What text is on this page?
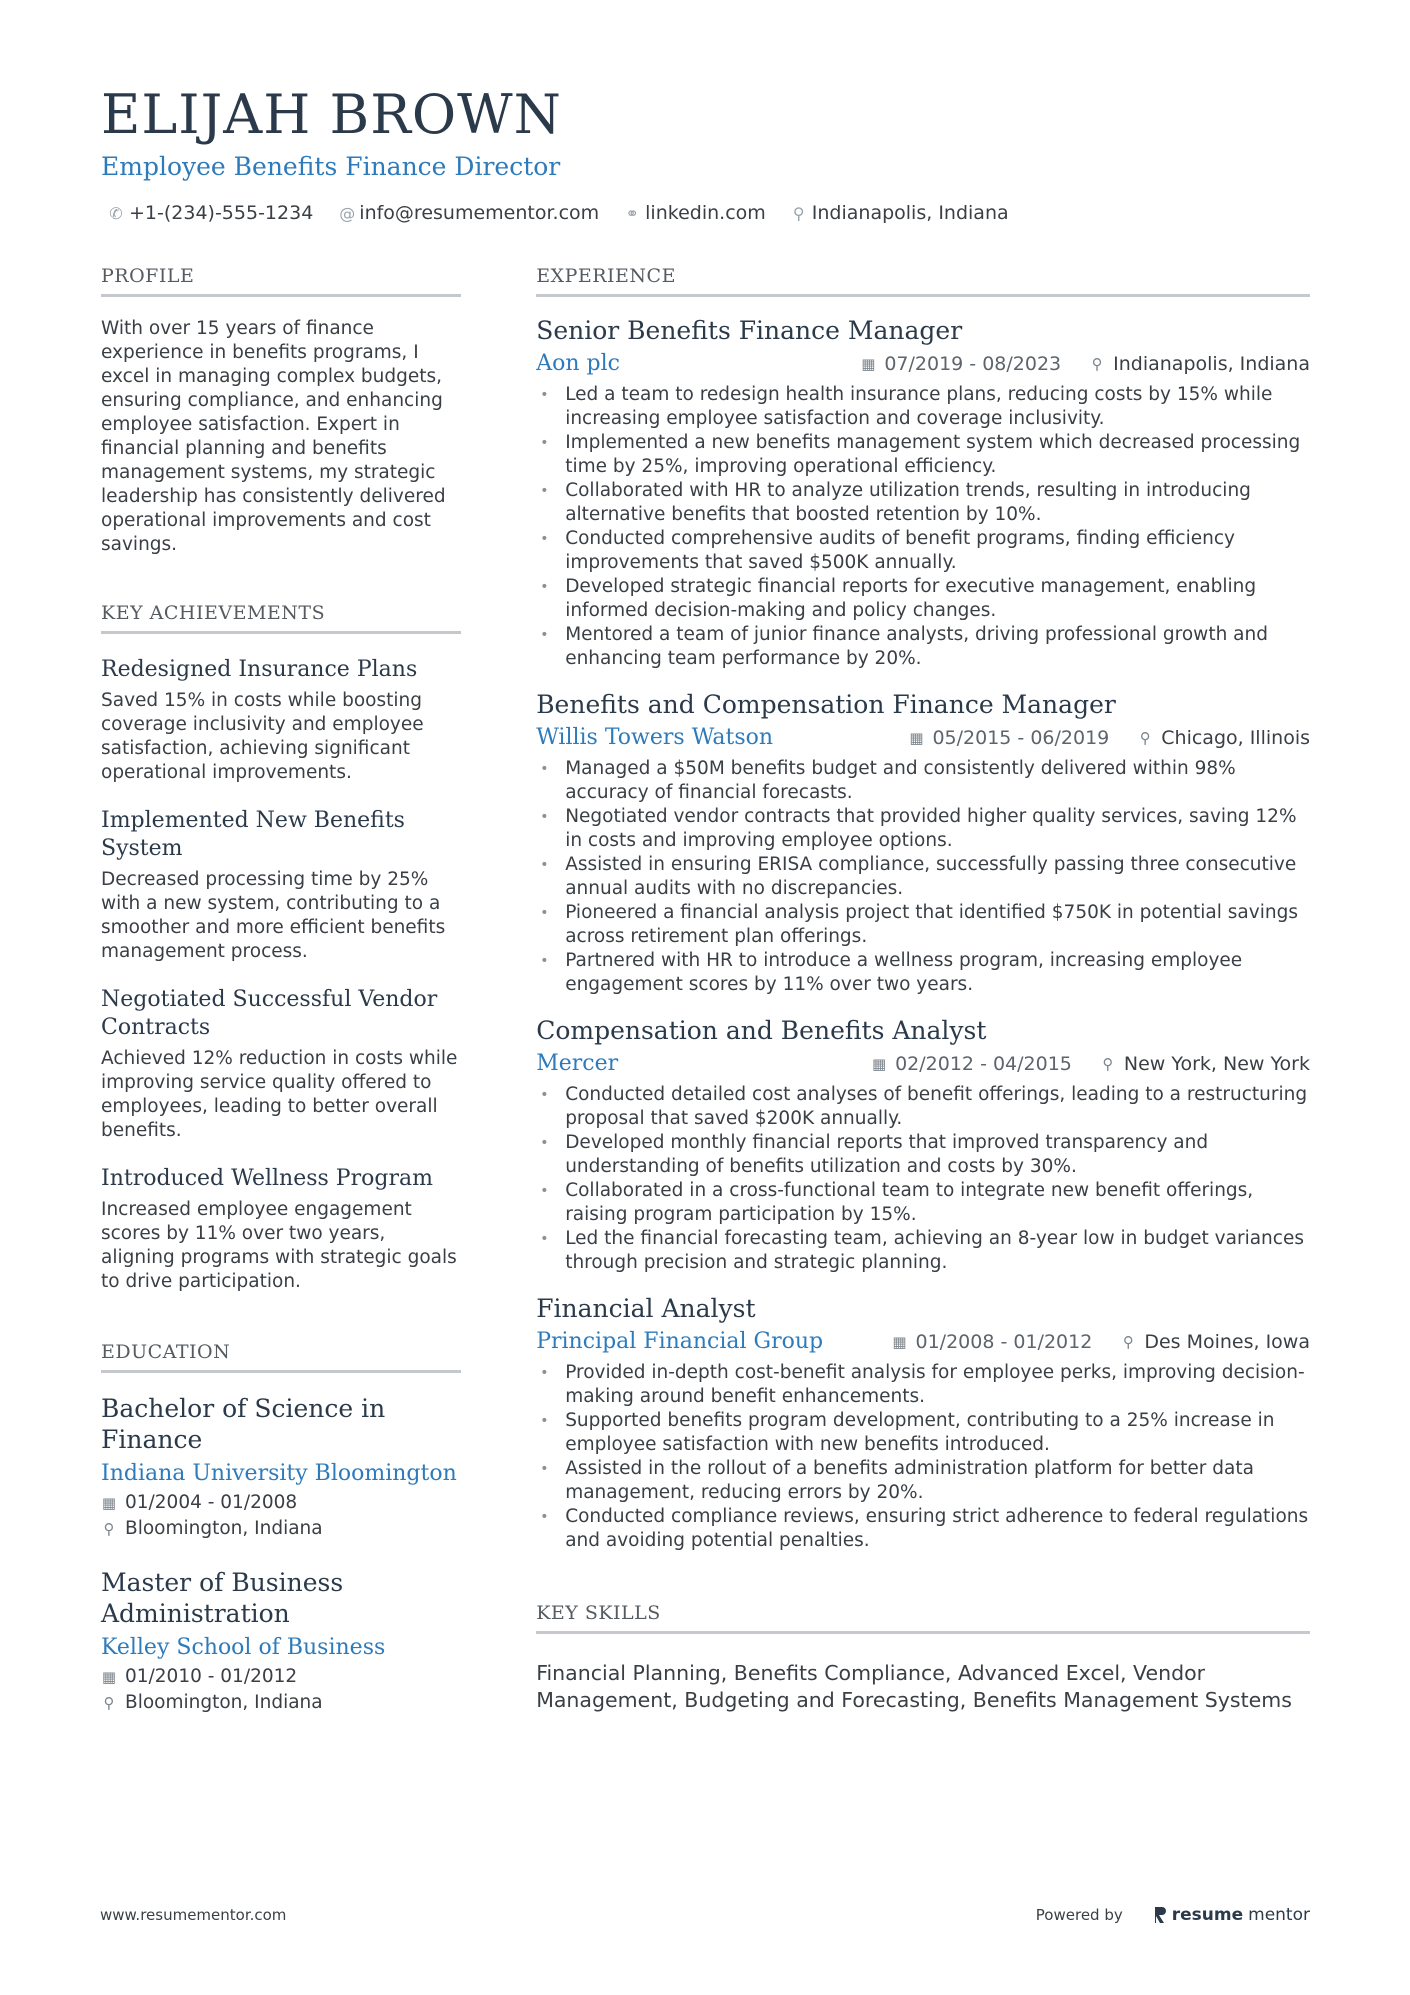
ELIJAH BROWN
Employee Benefits Finance Director
✆ +1-(234)-555-1234 @ info@resumementor.com ⚭ linkedin.com ⚲ Indianapolis, Indiana
PROFILE
With over 15 years of finance experience in benefits programs, I excel in managing complex budgets, ensuring compliance, and enhancing employee satisfaction. Expert in financial planning and benefits management systems, my strategic leadership has consistently delivered operational improvements and cost savings.
KEY ACHIEVEMENTS
Redesigned Insurance Plans
Saved 15% in costs while boosting coverage inclusivity and employee satisfaction, achieving significant operational improvements.
Implemented New Benefits System
Decreased processing time by 25% with a new system, contributing to a smoother and more efficient benefits management process.
Negotiated Successful Vendor Contracts
Achieved 12% reduction in costs while improving service quality offered to employees, leading to better overall benefits.
Introduced Wellness Program
Increased employee engagement scores by 11% over two years, aligning programs with strategic goals to drive participation.
EDUCATION
Bachelor of Science in Finance
Indiana University Bloomington
▦ 01/2004 - 01/2008
⚲ Bloomington, Indiana
Master of Business Administration
Kelley School of Business
▦ 01/2010 - 01/2012
⚲ Bloomington, Indiana
EXPERIENCE
Senior Benefits Finance Manager
Aon plc	▦ 07/2019 - 08/2023 ⚲ Indianapolis, Indiana
• Led a team to redesign health insurance plans, reducing costs by 15% while increasing employee satisfaction and coverage inclusivity.
• Implemented a new benefits management system which decreased processing time by 25%, improving operational efficiency.
• Collaborated with HR to analyze utilization trends, resulting in introducing alternative benefits that boosted retention by 10%.
• Conducted comprehensive audits of benefit programs, finding efficiency improvements that saved $500K annually.
• Developed strategic financial reports for executive management, enabling informed decision-making and policy changes.
• Mentored a team of junior finance analysts, driving professional growth and enhancing team performance by 20%.
Benefits and Compensation Finance Manager
Willis Towers Watson	▦ 05/2015 - 06/2019 ⚲ Chicago, Illinois
• Managed a $50M benefits budget and consistently delivered within 98% accuracy of financial forecasts.
• Negotiated vendor contracts that provided higher quality services, saving 12% in costs and improving employee options.
• Assisted in ensuring ERISA compliance, successfully passing three consecutive annual audits with no discrepancies.
• Pioneered a financial analysis project that identified $750K in potential savings across retirement plan offerings.
• Partnered with HR to introduce a wellness program, increasing employee engagement scores by 11% over two years.
Compensation and Benefits Analyst
Mercer	▦ 02/2012 - 04/2015 ⚲ New York, New York
• Conducted detailed cost analyses of benefit offerings, leading to a restructuring proposal that saved $200K annually.
• Developed monthly financial reports that improved transparency and understanding of benefits utilization and costs by 30%.
• Collaborated in a cross-functional team to integrate new benefit offerings, raising program participation by 15%.
• Led the financial forecasting team, achieving an 8-year low in budget variances through precision and strategic planning.
Financial Analyst
Principal Financial Group	▦ 01/2008 - 01/2012 ⚲ Des Moines, Iowa
• Provided in-depth cost-benefit analysis for employee perks, improving decision-making around benefit enhancements.
• Supported benefits program development, contributing to a 25% increase in employee satisfaction with new benefits introduced.
• Assisted in the rollout of a benefits administration platform for better data management, reducing errors by 20%.
• Conducted compliance reviews, ensuring strict adherence to federal regulations and avoiding potential penalties.
KEY SKILLS
Financial Planning, Benefits Compliance, Advanced Excel, Vendor Management, Budgeting and Forecasting, Benefits Management Systems
www.resumementor.com	Powered by	resume mentor
